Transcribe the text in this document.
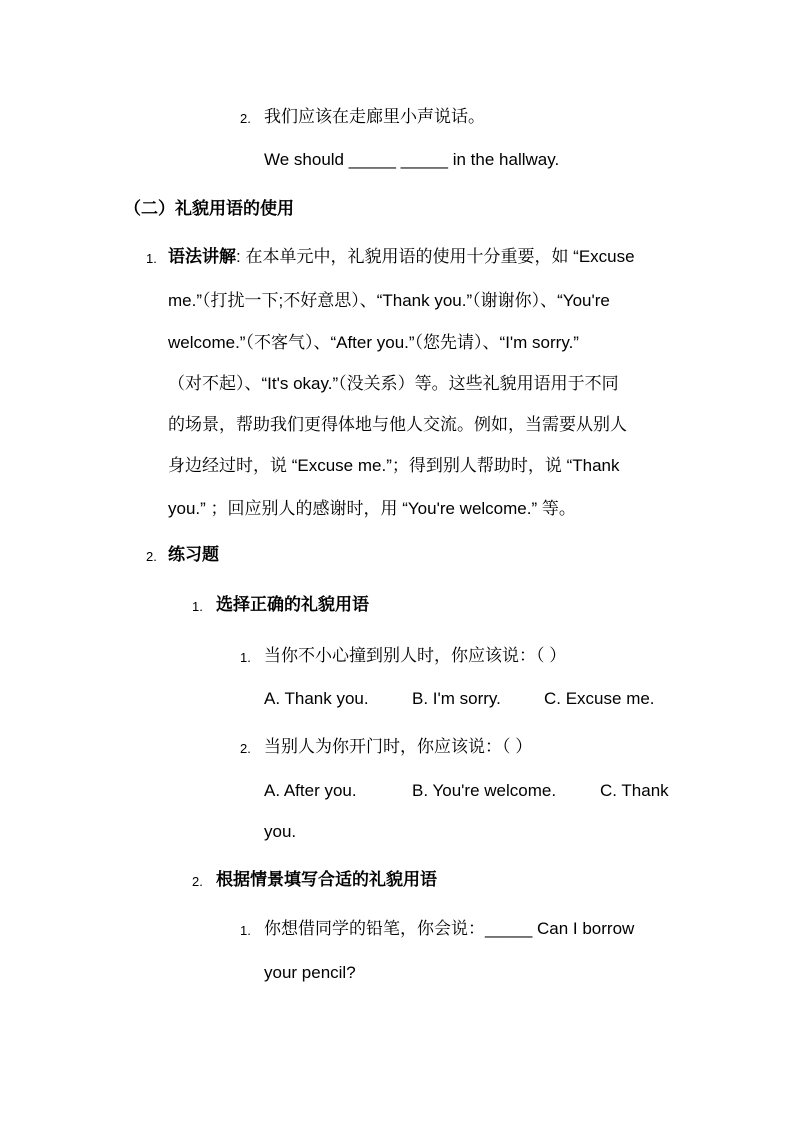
2. 我们应该在走廊里小声说话。
We should _____ _____ in the hallway.
（二）礼貌用语的使用
1. 语法讲解: 在本单元中，礼貌用语的使用十分重要，如 “Excuse
me.”（打扰一下;不好意思）、“Thank you.”（谢谢你）、“You're
welcome.”（不客气）、“After you.”（您先请）、“I'm sorry.”
（对不起）、“It's okay.”（没关系）等。这些礼貌用语用于不同
的场景，帮助我们更得体地与他人交流。例如，当需要从别人
身边经过时，说 “Excuse me.”；得到别人帮助时，说 “Thank
you.” ；回应别人的感谢时，用 “You're welcome.” 等。
2. 练习题
1. 选择正确的礼貌用语
1. 当你不小心撞到别人时，你应该说：（ ）
A. Thank you.	B. I'm sorry.	C. Excuse me.
2. 当别人为你开门时，你应该说：（ ）
A. After you.	B. You're welcome.	C. Thank
you.
2. 根据情景填写合适的礼貌用语
1. 你想借同学的铅笔，你会说：_____ Can I borrow
your pencil?
